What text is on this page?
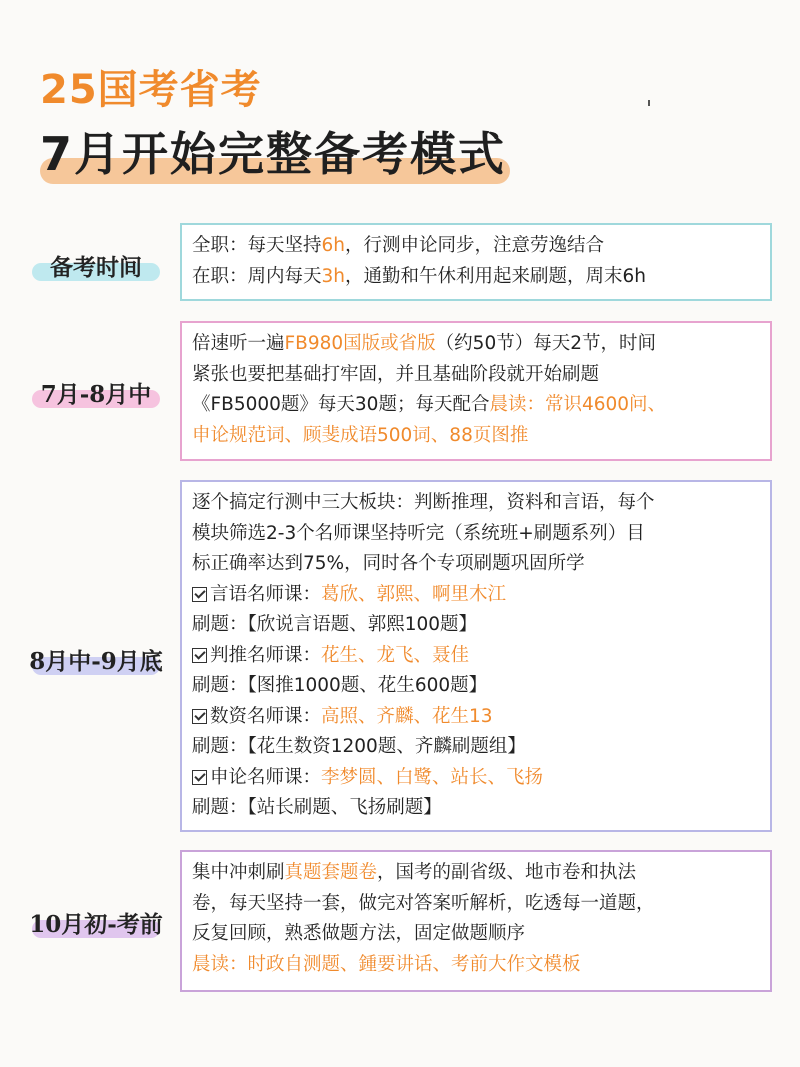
25国考省考
7月开始完整备考模式
备考时间
全职：每天坚持6h，行测申论同步，注意劳逸结合
在职：周内每天3h，通勤和午休利用起来刷题，周末6h
7月-8月中
倍速听一遍FB980国版或省版（约50节）每天2节，时间
紧张也要把基础打牢固，并且基础阶段就开始刷题
《FB5000题》每天30题；每天配合晨读：常识4600问、
申论规范词、顾斐成语500词、88页图推
8月中-9月底
逐个搞定行测中三大板块：判断推理，资料和言语，每个
模块筛选2-3个名师课坚持听完（系统班+刷题系列）目
标正确率达到75%，同时各个专项刷题巩固所学
言语名师课：葛欣、郭熙、啊里木江
刷题：【欣说言语题、郭熙100题】
判推名师课：花生、龙飞、聂佳
刷题：【图推1000题、花生600题】
数资名师课：高照、齐麟、花生13
刷题：【花生数资1200题、齐麟刷题组】
申论名师课：李梦圆、白鹭、站长、飞扬
刷题：【站长刷题、飞扬刷题】
10月初-考前
集中冲刺刷真题套题卷，国考的副省级、地市卷和执法
卷，每天坚持一套，做完对答案听解析，吃透每一道题，
反复回顾，熟悉做题方法，固定做题顺序
晨读：时政自测题、鍾要讲话、考前大作文模板
